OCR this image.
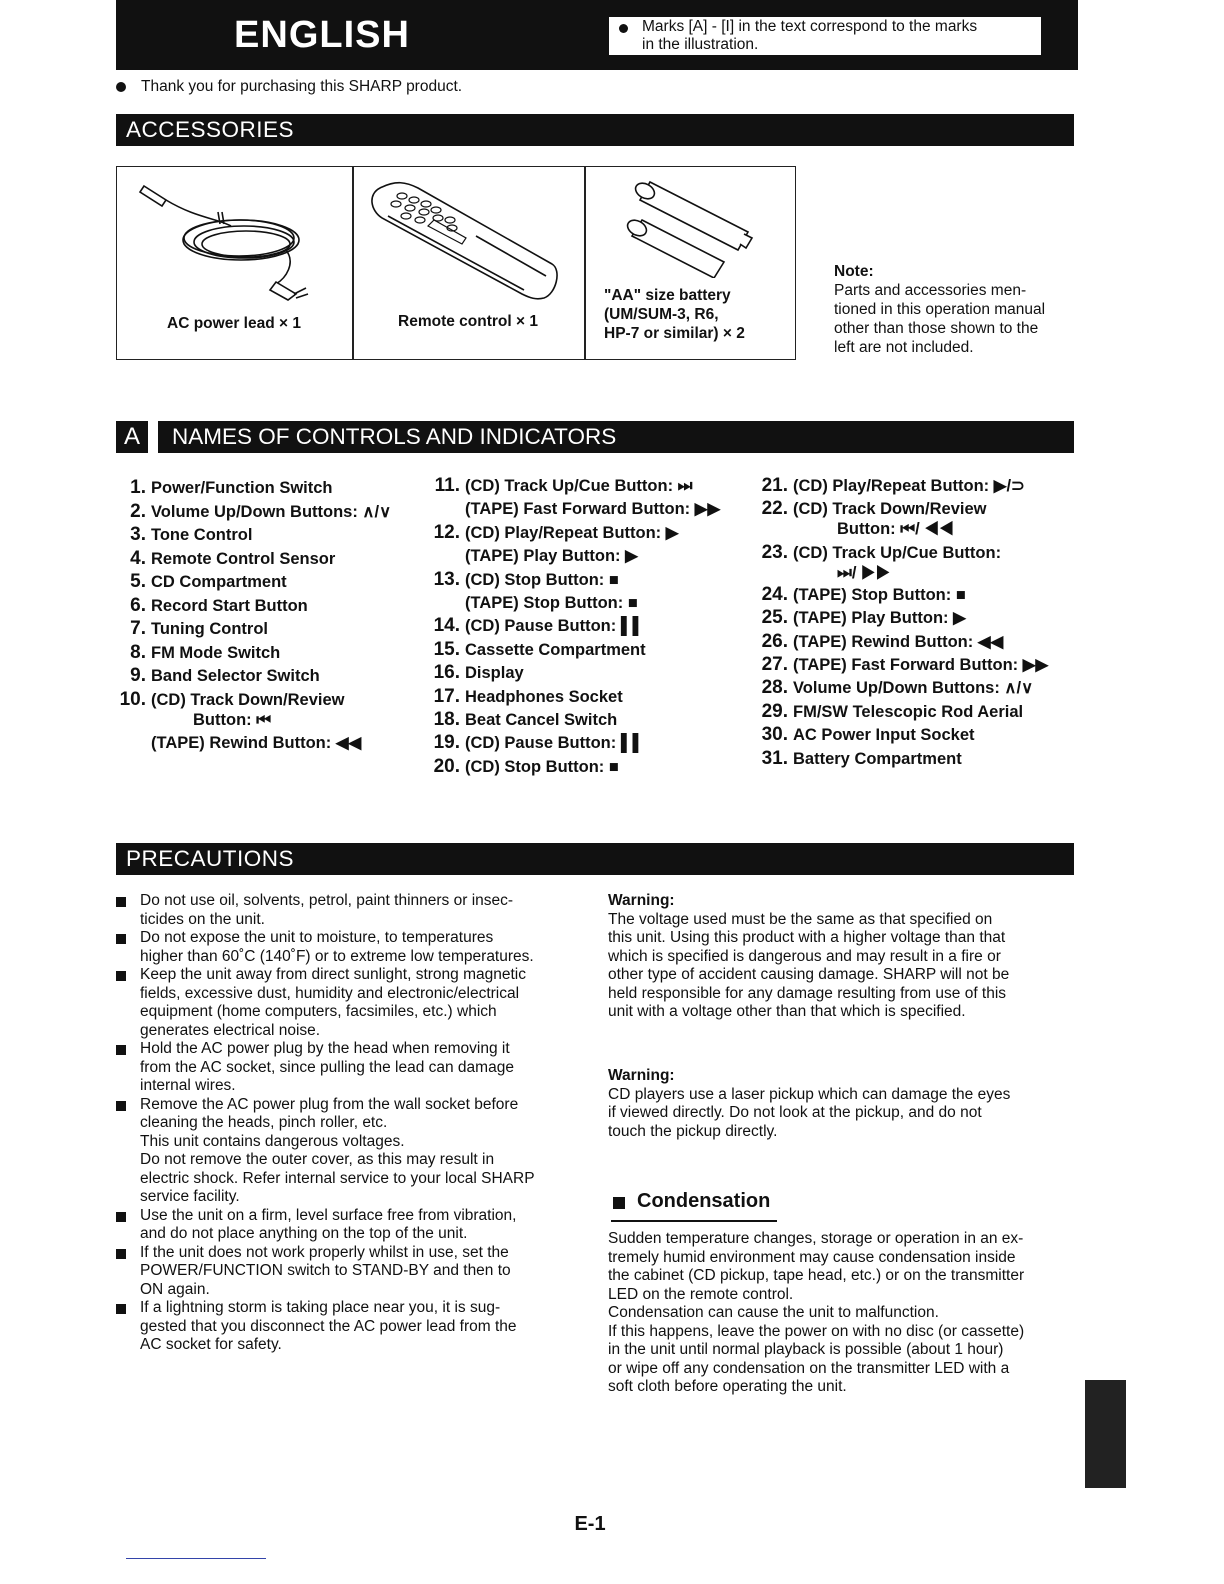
ENGLISH	Marks [A] - [I] in the text correspond to the marks
in the illustration.
Thank you for purchasing this SHARP product.
ACCESSORIES
AC power lead × 1	Remote control × 1
"AA" size battery
(UM/SUM-3, R6,
HP-7 or similar) × 2
Note:
Parts and accessories men-
tioned in this operation manual
other than those shown to the
left are not included.
A	NAMES OF CONTROLS AND INDICATORS
1. Power/Function Switch
2. Volume Up/Down Buttons: ∧/∨
3. Tone Control
4. Remote Control Sensor
5. CD Compartment
6. Record Start Button
7. Tuning Control
8. FM Mode Switch
9. Band Selector Switch
10. (CD) Track Down/Review
Button: ⏮
(TAPE) Rewind Button: ◀◀
11. (CD) Track Up/Cue Button: ⏭
(TAPE) Fast Forward Button: ▶▶
12. (CD) Play/Repeat Button: ▶
(TAPE) Play Button: ▶
13. (CD) Stop Button: ■
(TAPE) Stop Button: ■
14. (CD) Pause Button: ▌▌
15. Cassette Compartment
16. Display
17. Headphones Socket
18. Beat Cancel Switch
19. (CD) Pause Button: ▌▌
20. (CD) Stop Button: ■
21. (CD) Play/Repeat Button: ▶/⊃
22. (CD) Track Down/Review
Button: ⏮/ ◀◀
23. (CD) Track Up/Cue Button:
⏭/ ▶▶
24. (TAPE) Stop Button: ■
25. (TAPE) Play Button: ▶
26. (TAPE) Rewind Button: ◀◀
27. (TAPE) Fast Forward Button: ▶▶
28. Volume Up/Down Buttons: ∧/∨
29. FM/SW Telescopic Rod Aerial
30. AC Power Input Socket
31. Battery Compartment
PRECAUTIONS
Do not use oil, solvents, petrol, paint thinners or insec-
ticides on the unit.
Do not expose the unit to moisture, to temperatures
higher than 60˚C (140˚F) or to extreme low temperatures.
Keep the unit away from direct sunlight, strong magnetic
fields, excessive dust, humidity and electronic/electrical
equipment (home computers, facsimiles, etc.) which
generates electrical noise.
Hold the AC power plug by the head when removing it
from the AC socket, since pulling the lead can damage
internal wires.
Remove the AC power plug from the wall socket before
cleaning the heads, pinch roller, etc.
This unit contains dangerous voltages.
Do not remove the outer cover, as this may result in
electric shock. Refer internal service to your local SHARP
service facility.
Use the unit on a firm, level surface free from vibration,
and do not place anything on the top of the unit.
If the unit does not work properly whilst in use, set the
POWER/FUNCTION switch to STAND-BY and then to
ON again.
If a lightning storm is taking place near you, it is sug-
gested that you disconnect the AC power lead from the
AC socket for safety.
Warning:
The voltage used must be the same as that specified on
this unit. Using this product with a higher voltage than that
which is specified is dangerous and may result in a fire or
other type of accident causing damage. SHARP will not be
held responsible for any damage resulting from use of this
unit with a voltage other than that which is specified.
Warning:
CD players use a laser pickup which can damage the eyes
if viewed directly. Do not look at the pickup, and do not
touch the pickup directly.
Condensation
Sudden temperature changes, storage or operation in an ex-
tremely humid environment may cause condensation inside
the cabinet (CD pickup, tape head, etc.) or on the transmitter
LED on the remote control.
Condensation can cause the unit to malfunction.
If this happens, leave the power on with no disc (or cassette)
in the unit until normal playback is possible (about 1 hour)
or wipe off any condensation on the transmitter LED with a
soft cloth before operating the unit.
E-1
